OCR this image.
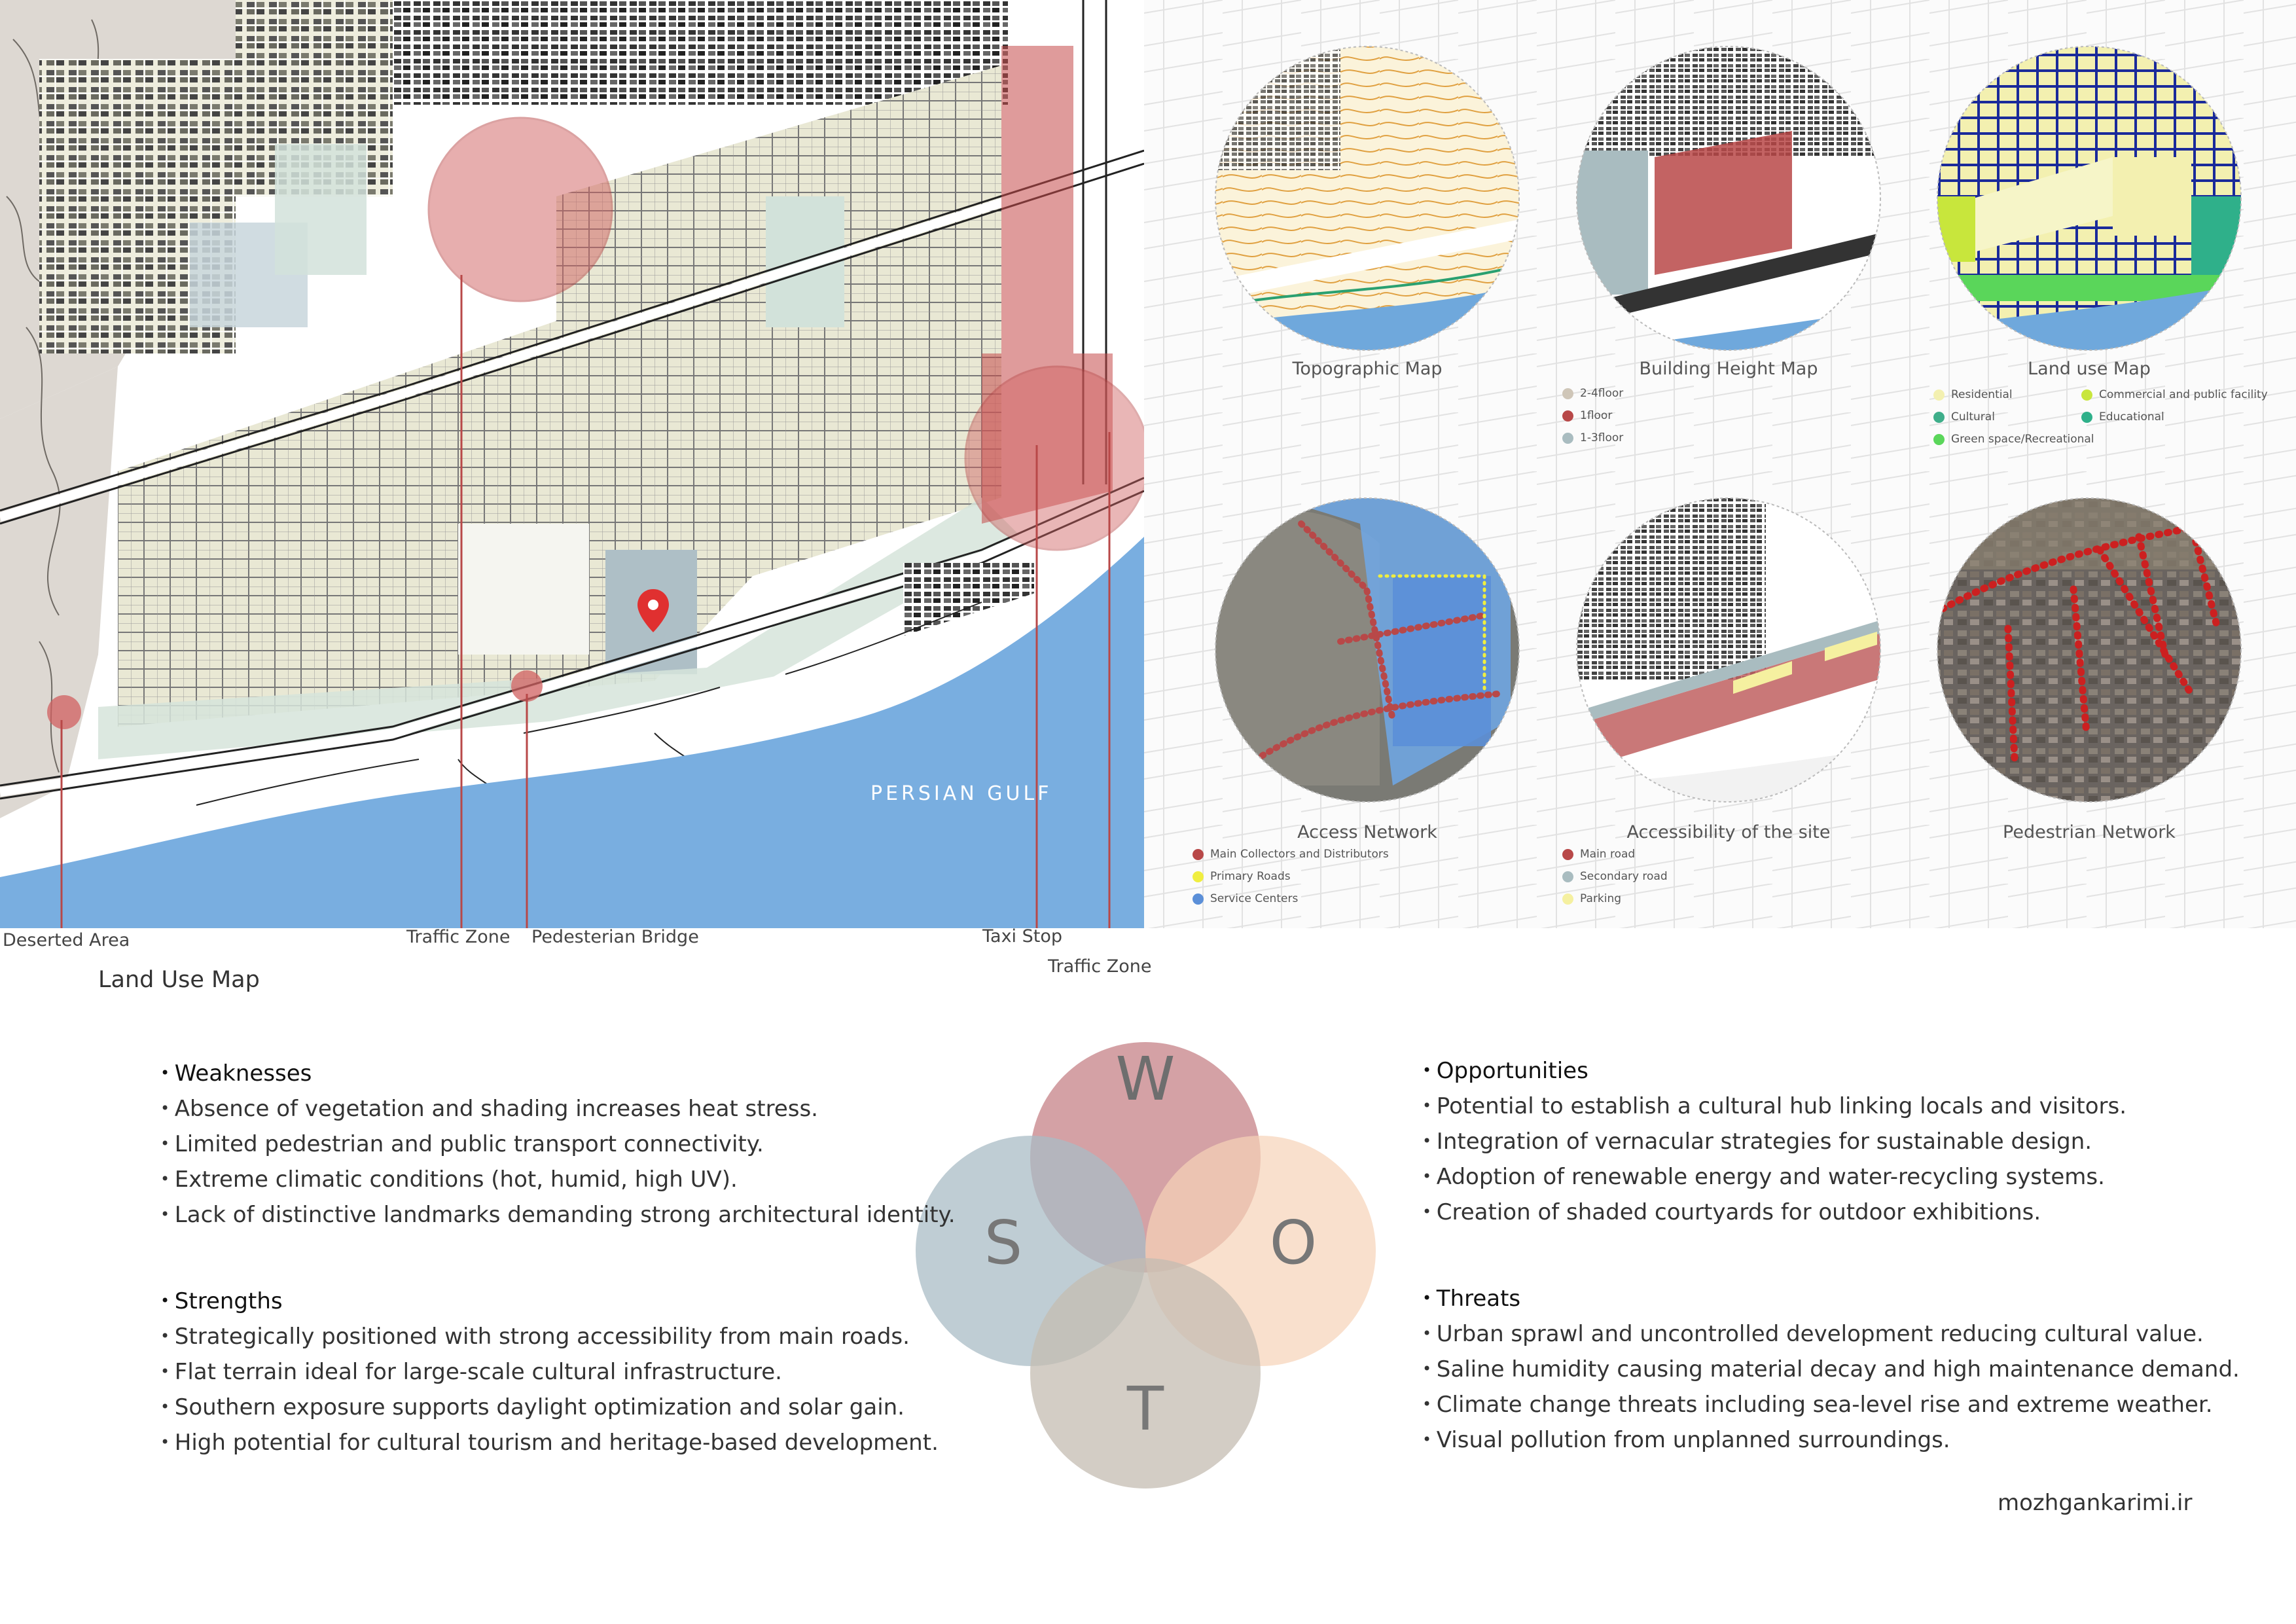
PERSIAN GULF
Deserted Area	Traffic Zone Pedesterian Bridge	Taxi Stop
Traffic Zone
Land Use Map
Topographic Map	Building Height Map	Land use Map
Access Network	Accessibility of the site	Pedestrian Network
2-4floor
1floor
1-3floor
Residential	Commercial and public facility
Cultural	Educational
Green space/Recreational
Main Collectors and Distributors
Primary Roads
Service Centers
Main road
Secondary road
Parking
W
S	O
T
• Weaknesses
• Absence of vegetation and shading increases heat stress.
• Limited pedestrian and public transport connectivity.
• Extreme climatic conditions (hot, humid, high UV).
• Lack of distinctive landmarks demanding strong architectural identity.
• Strengths
• Strategically positioned with strong accessibility from main roads.
• Flat terrain ideal for large-scale cultural infrastructure.
• Southern exposure supports daylight optimization and solar gain.
• High potential for cultural tourism and heritage-based development.
• Opportunities
• Potential to establish a cultural hub linking locals and visitors.
• Integration of vernacular strategies for sustainable design.
• Adoption of renewable energy and water-recycling systems.
• Creation of shaded courtyards for outdoor exhibitions.
• Threats
• Urban sprawl and uncontrolled development reducing cultural value.
• Saline humidity causing material decay and high maintenance demand.
• Climate change threats including sea-level rise and extreme weather.
• Visual pollution from unplanned surroundings.
mozhgankarimi.ir
